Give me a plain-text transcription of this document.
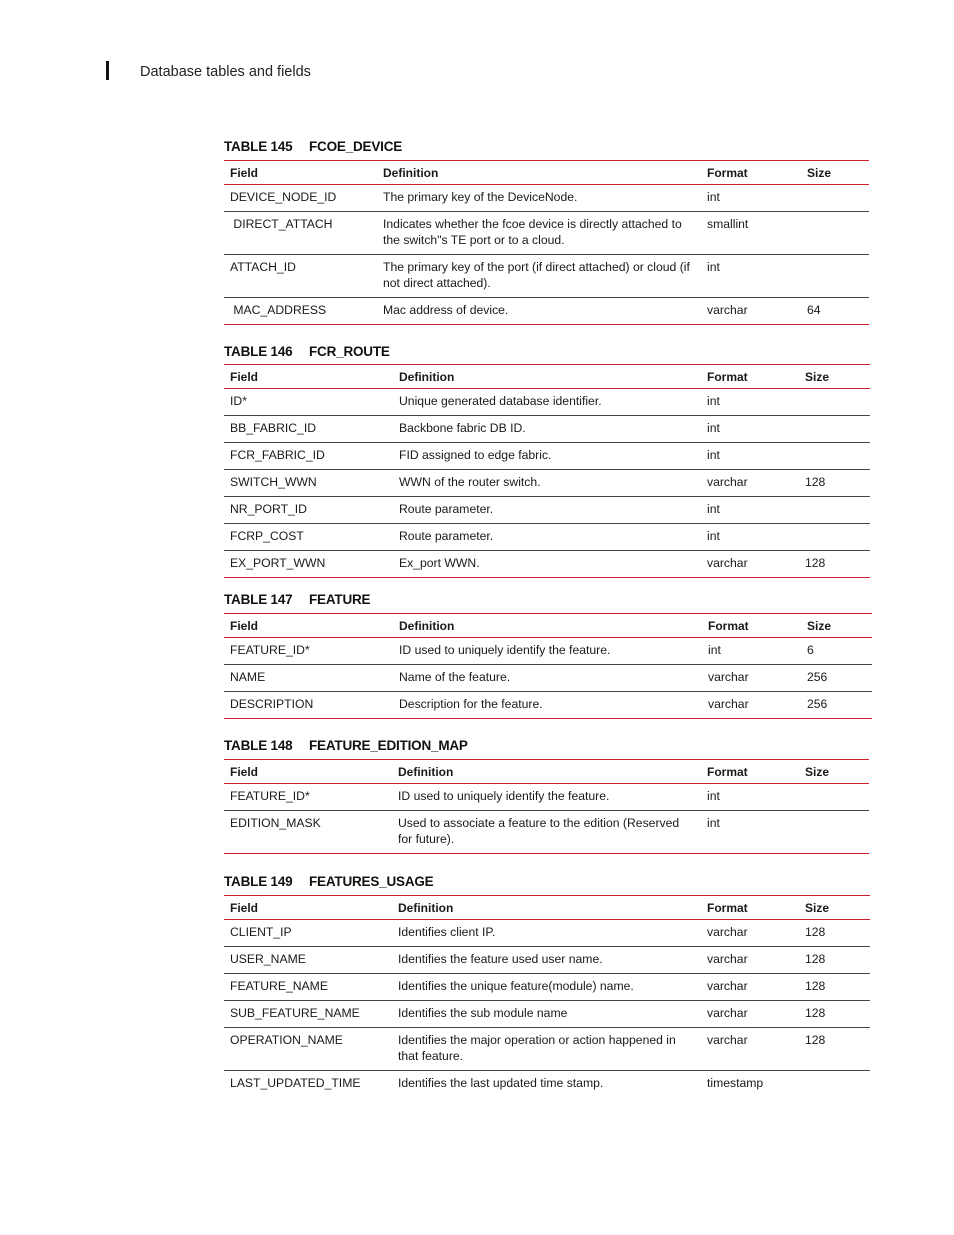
Database tables and fields
TABLE 145 FCOE_DEVICE
Field	Definition	Format	Size
DEVICE_NODE_ID	The primary key of the DeviceNode.	int	
DIRECT_ATTACH	Indicates whether the fcoe device is directly attached to the switch"s TE port or to a cloud.	smallint	
ATTACH_ID	The primary key of the port (if direct attached) or cloud (if not direct attached).	int	
MAC_ADDRESS	Mac address of device.	varchar	64
TABLE 146 FCR_ROUTE
Field	Definition	Format	Size
ID*	Unique generated database identifier.	int	
BB_FABRIC_ID	Backbone fabric DB ID.	int	
FCR_FABRIC_ID	FID assigned to edge fabric.	int	
SWITCH_WWN	WWN of the router switch.	varchar	128
NR_PORT_ID	Route parameter.	int	
FCRP_COST	Route parameter.	int	
EX_PORT_WWN	Ex_port WWN.	varchar	128
TABLE 147 FEATURE
Field	Definition	Format	Size
FEATURE_ID*	ID used to uniquely identify the feature.	int	6
NAME	Name of the feature.	varchar	256
DESCRIPTION	Description for the feature.	varchar	256
TABLE 148 FEATURE_EDITION_MAP
Field	Definition	Format	Size
FEATURE_ID*	ID used to uniquely identify the feature.	int	
EDITION_MASK	Used to associate a feature to the edition (Reserved for future).	int	
TABLE 149 FEATURES_USAGE
Field	Definition	Format	Size
CLIENT_IP	Identifies client IP.	varchar	128
USER_NAME	Identifies the feature used user name.	varchar	128
FEATURE_NAME	Identifies the unique feature(module) name.	varchar	128
SUB_FEATURE_NAME	Identifies the sub module name	varchar	128
OPERATION_NAME	Identifies the major operation or action happened in that feature.	varchar	128
LAST_UPDATED_TIME	Identifies the last updated time stamp.	timestamp	
